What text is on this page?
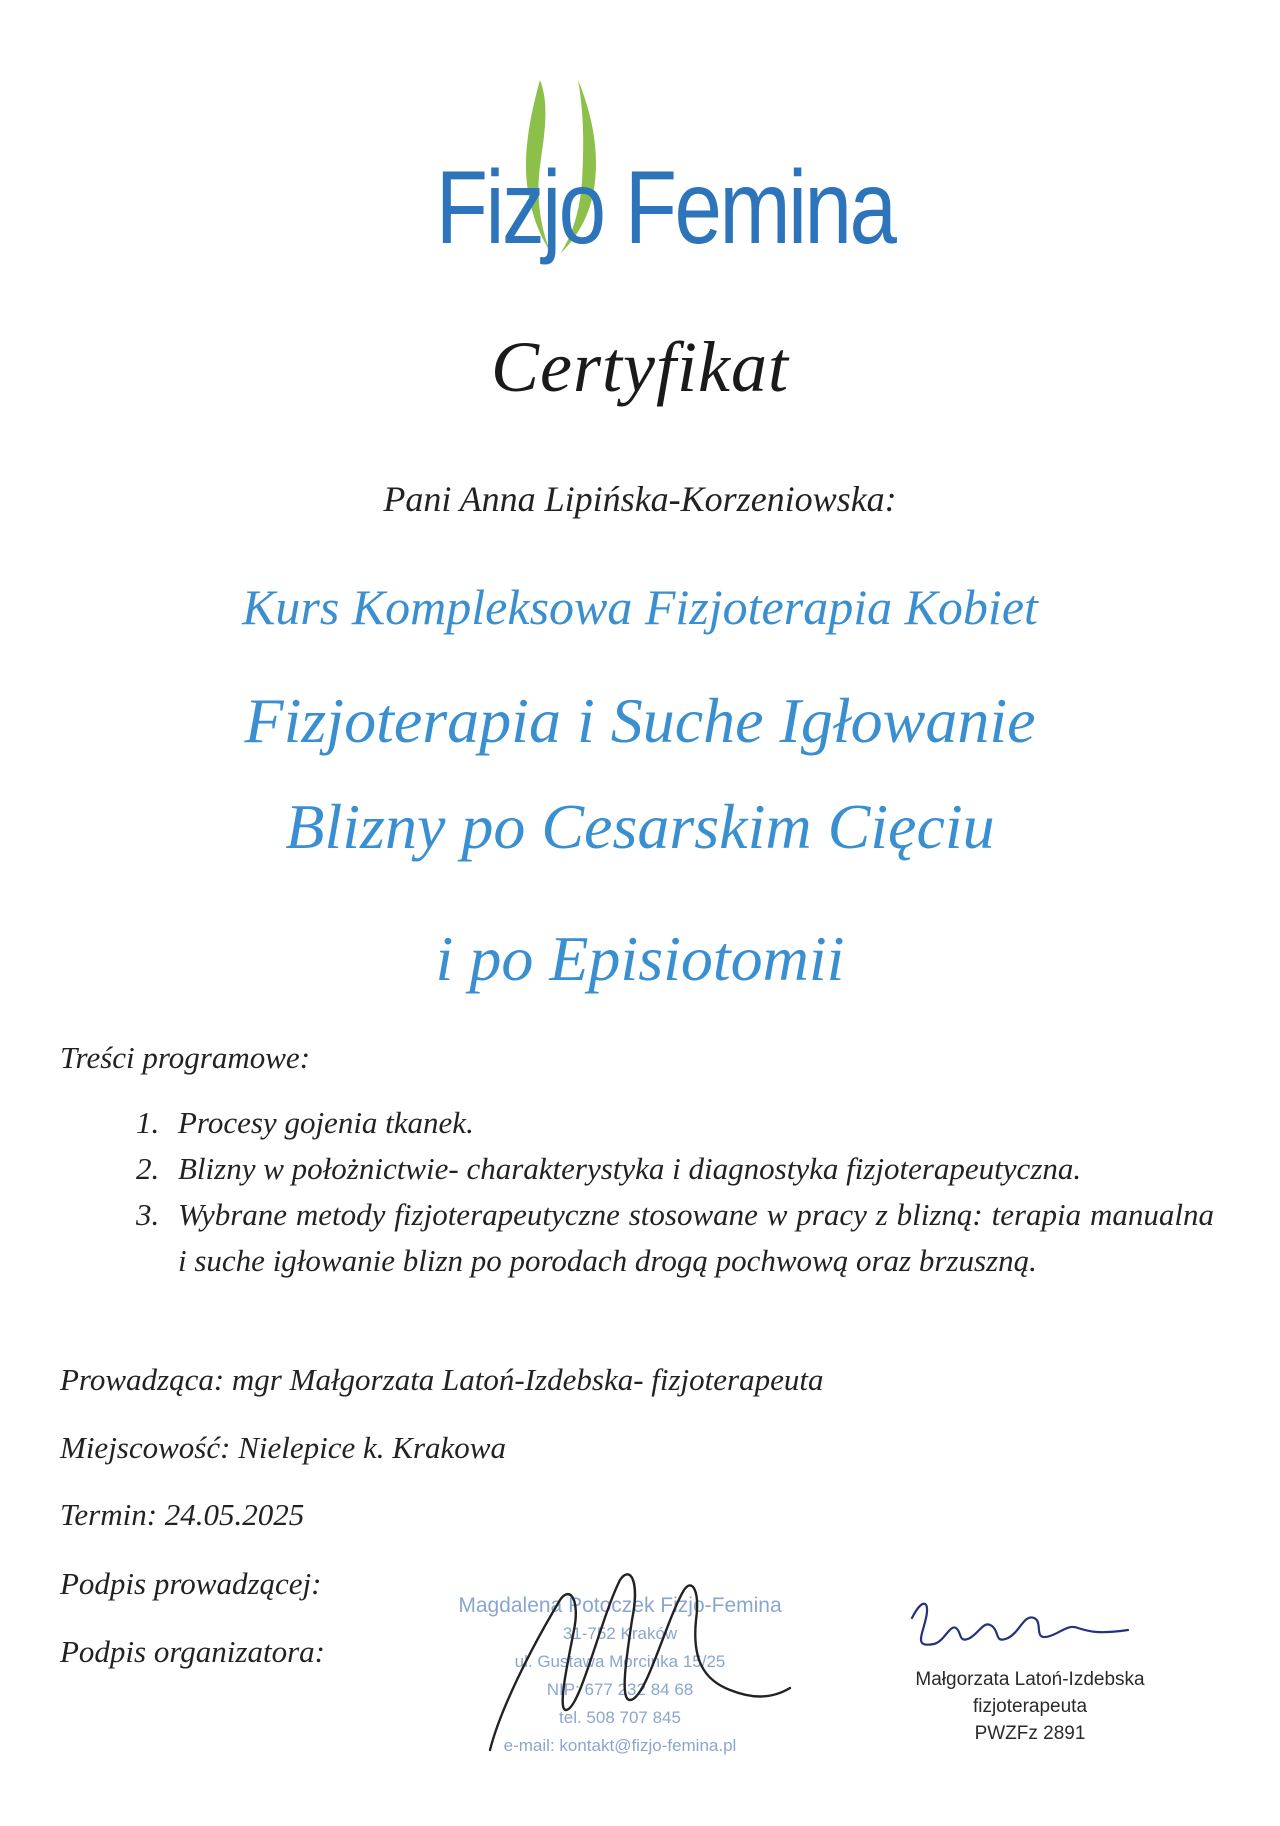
Fizjo Femina
Certyfikat
Pani Anna Lipińska-Korzeniowska:
Kurs Kompleksowa Fizjoterapia Kobiet
Fizjoterapia i Suche Igłowanie
Blizny po Cesarskim Cięciu
i po Episiotomii
Treści programowe:
1. Procesy gojenia tkanek.
2. Blizny w położnictwie- charakterystyka i diagnostyka fizjoterapeutyczna.
3. Wybrane metody fizjoterapeutyczne stosowane w pracy z blizną: terapia manualna i suche igłowanie blizn po porodach drogą pochwową oraz brzuszną.
Prowadząca: mgr Małgorzata Latoń-Izdebska- fizjoterapeuta
Miejscowość: Nielepice k. Krakowa
Termin: 24.05.2025
Podpis prowadzącej:
Podpis organizatora:
Magdalena Potoczek Fizjo-Femina
31-752 Kraków
ul. Gustawa Morcinka 15/25
NIP: 677 232 84 68
tel. 508 707 845
e-mail: kontakt@fizjo-femina.pl
Małgorzata Latoń-Izdebska
fizjoterapeuta
PWZFz 2891
